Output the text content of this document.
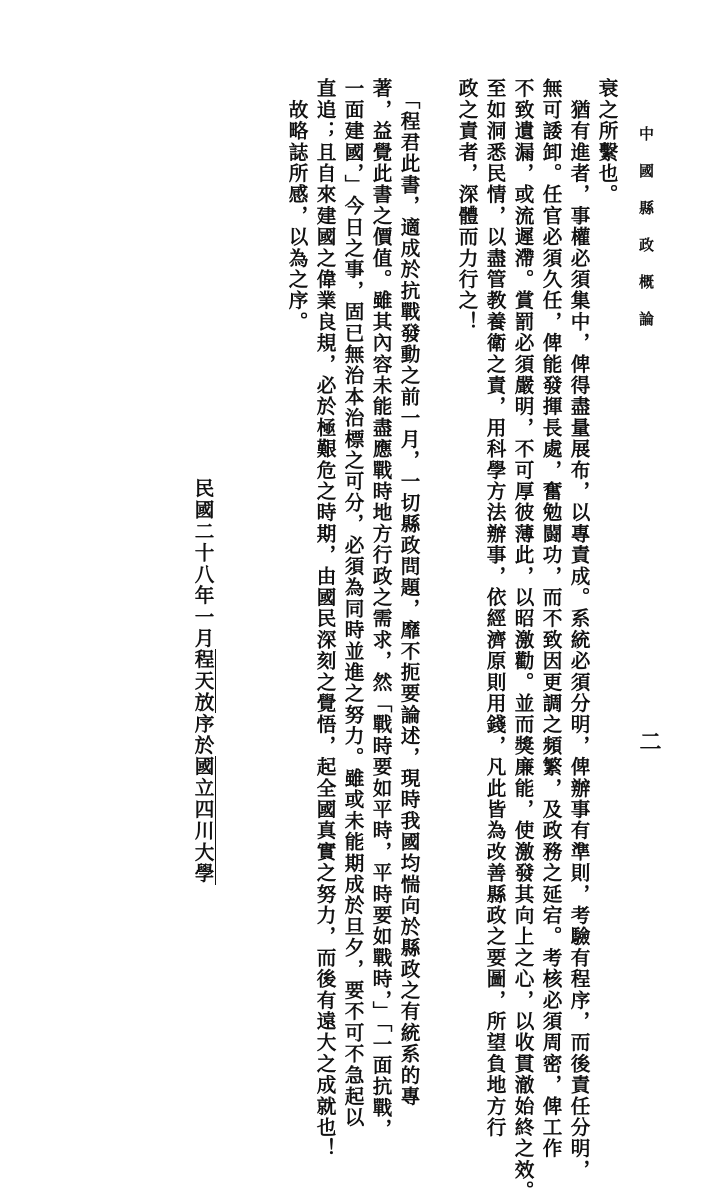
中國縣政概論
二
衰之所繫也。
　猶有進者，事權必須集中，俾得盡量展布，以專責成。系統必須分明，俾辦事有準則，考驗有程序，而後責任分明，
無可諉卸。任官必須久任，俾能發揮長處，奮勉闘功，而不致因更調之頻繁，及政務之延宕。考核必須周密，俾工作
不致遺漏，或流遲滯。賞罰必須嚴明，不可厚彼薄此，以昭激勸。並而獎廉能，使激發其向上之心，以收貫澈始終之效。
至如洞悉民情，以盡管教養衛之責，用科學方法辦事，依經濟原則用錢，凡此皆為改善縣政之要圖，所望負地方行
政之責者，深體而力行之！
　「程君此書，適成於抗戰發動之前一月，一切縣政問題，靡不扼要論述，現時我國均惴向於縣政之有統系的專
著，益覺此書之價值。雖其內容未能盡應戰時地方行政之需求，然「戰時要如平時，平時要如戰時，」「一面抗戰，
一面建國，」今日之事，固已無治本治標之可分，必須為同時並進之努力。雖或未能期成於旦夕，要不可不急起以
直追；且自來建國之偉業良規，必於極艱危之時期，由國民深刻之覺悟，起全國真實之努力，而後有遠大之成就也！
　故略誌所感，以為之序。
民國二十八年一月程天放序於國立四川大學
